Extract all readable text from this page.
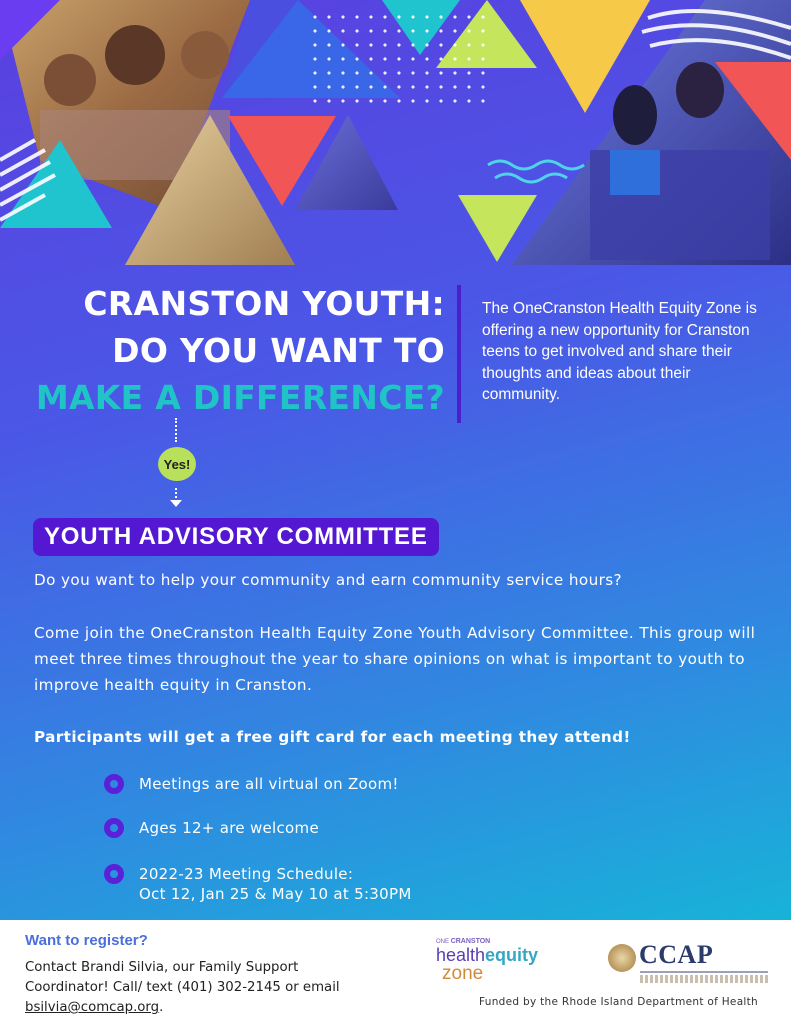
CRANSTON YOUTH:
DO YOU WANT TO
MAKE A DIFFERENCE?

The OneCranston Health Equity Zone is offering a new opportunity for Cranston teens to get involved and share their thoughts and ideas about their community.

Yes!
YOUTH ADVISORY COMMITTEE

Do you want to help your community and earn community service hours?

Come join the OneCranston Health Equity Zone Youth Advisory Committee. This group will meet three times throughout the year to share opinions on what is important to youth to improve health equity in Cranston.

Participants will get a free gift card for each meeting they attend!

Meetings are all virtual on Zoom!
Ages 12+ are welcome
2022-23 Meeting Schedule:
Oct 12, Jan 25 & May 10 at 5:30PM
Want to register?

Contact Brandi Silvia, our Family Support Coordinator! Call/ text (401) 302-2145 or email bsilvia@comcap.org.

ONE CRANSTON
healthequity
zone
CCAP
Funded by the Rhode Island Department of Health
